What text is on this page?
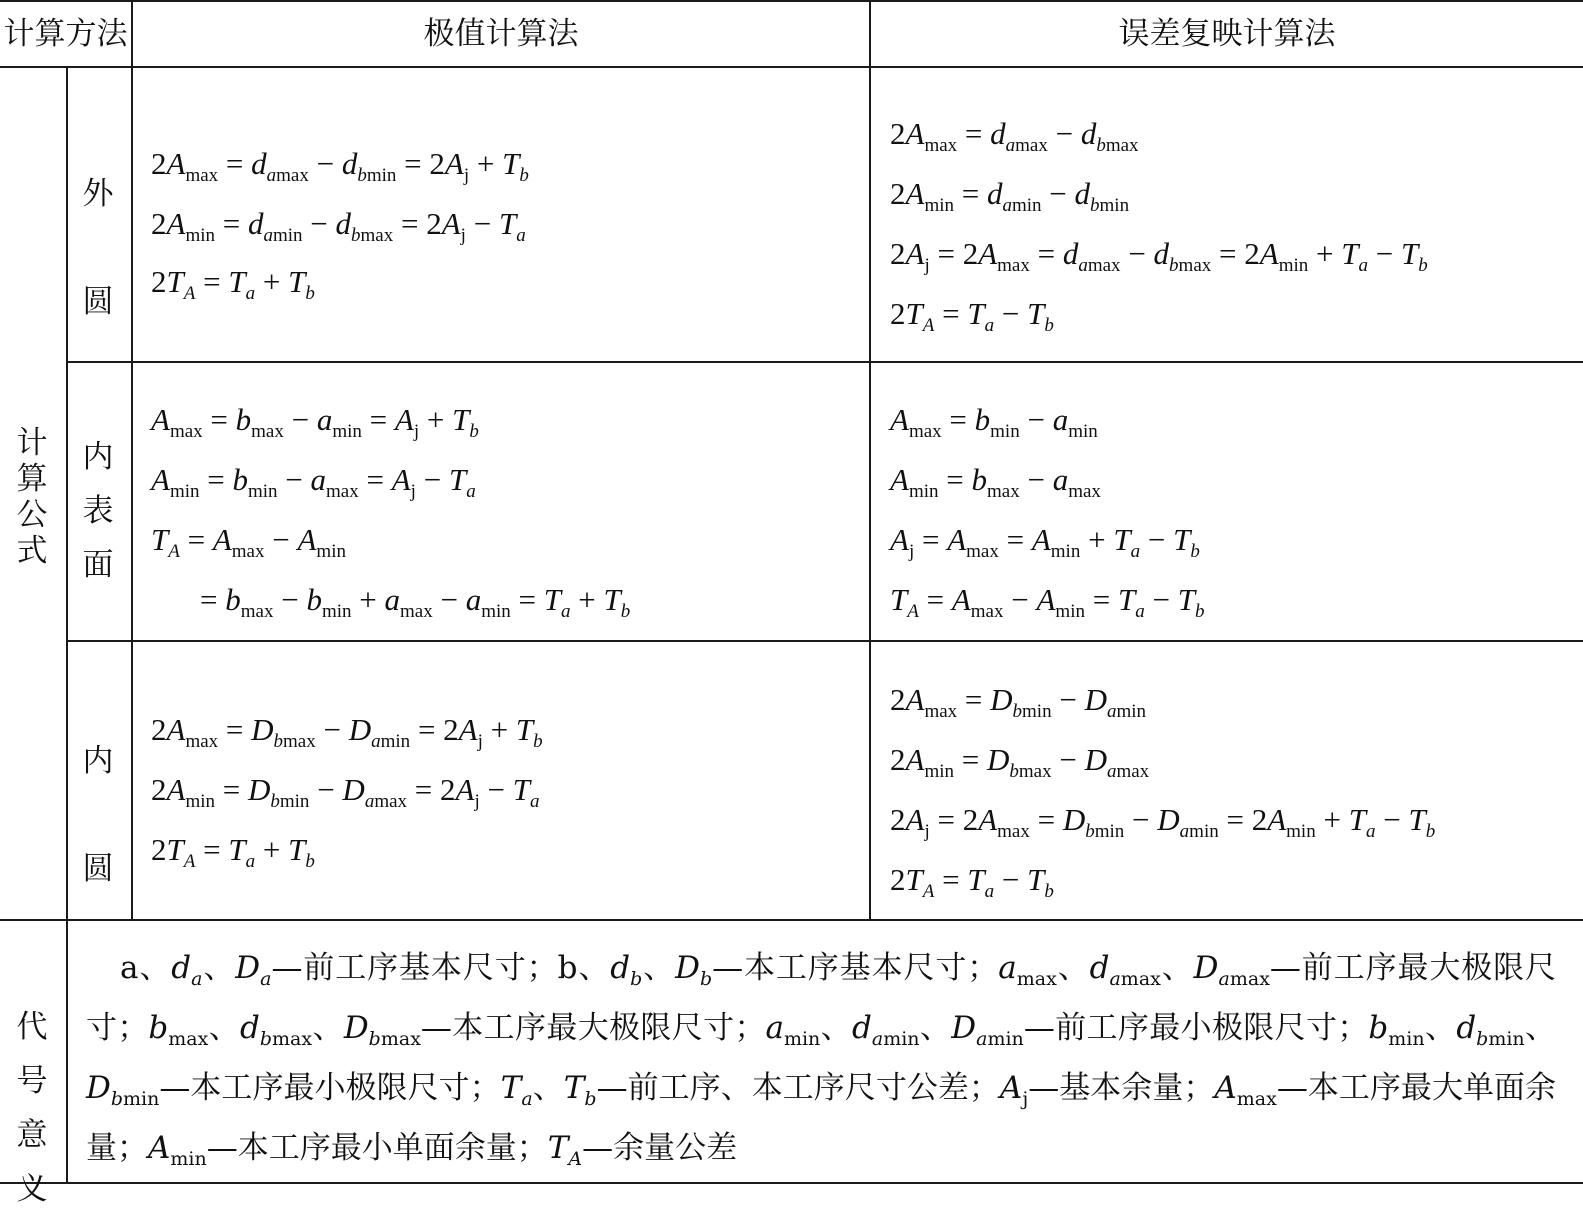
计算方法	极值计算法	误差复映计算法
计算公式
外圆
内表面
内圆
$2A_{max} = d_{amax} - d_{bmin} = 2A_j + T_b$
$2A_{min} = d_{amin} - d_{bmax} = 2A_j - T_a$
$2T_A = T_a + T_b$
$2A_{max} = d_{amax} - d_{bmax}$
$2A_{min} = d_{amin} - d_{bmin}$
$2A_j = 2A_{max} = d_{amax} - d_{bmax} = 2A_{min} + T_a - T_b$
$2T_A = T_a - T_b$
$A_{max} = b_{max} - a_{min} = A_j + T_b$
$A_{min} = b_{min} - a_{max} = A_j - T_a$
$T_A = A_{max} - A_{min}$
= $b_{max} - b_{min} + a_{max} - a_{min} = T_a + T_b$
$A_{max} = b_{min} - a_{min}$
$A_{min} = b_{max} - a_{max}$
$A_j = A_{max} = A_{min} + T_a - T_b$
$T_A = A_{max} - A_{min} = T_a - T_b$
$2A_{max} = D_{bmax} - D_{amin} = 2A_j + T_b$
$2A_{min} = D_{bmin} - D_{amax} = 2A_j - T_a$
$2T_A = T_a + T_b$
$2A_{max} = D_{bmin} - D_{amin}$
$2A_{min} = D_{bmax} - D_{amax}$
$2A_j = 2A_{max} = D_{bmin} - D_{amin} = 2A_{min} + T_a - T_b$
$2T_A = T_a - T_b$
代号意义

a、$d_a$、$D_a—$前工序基本尺寸；b、$d_b$、$D_b—$本工序基本尺寸；$a_{max}$、$d_{amax}$、$D_{amax}—$前工序最大极限尺寸；$b_{max}$、$d_{bmax}$、$D_{bmax}—$本工序最大极限尺寸；$a_{min}$、$d_{amin}$、$D_{amin}—$前工序最小极限尺寸；$b_{min}$、$d_{bmin}$、$D_{bmin}—$本工序最小极限尺寸；$T_a$、$T_b—$前工序、本工序尺寸公差；$A_j—$基本余量；$A_{max}—$本工序最大单面余量；$A_{min}—$本工序最小单面余量；$T_A—$余量公差
